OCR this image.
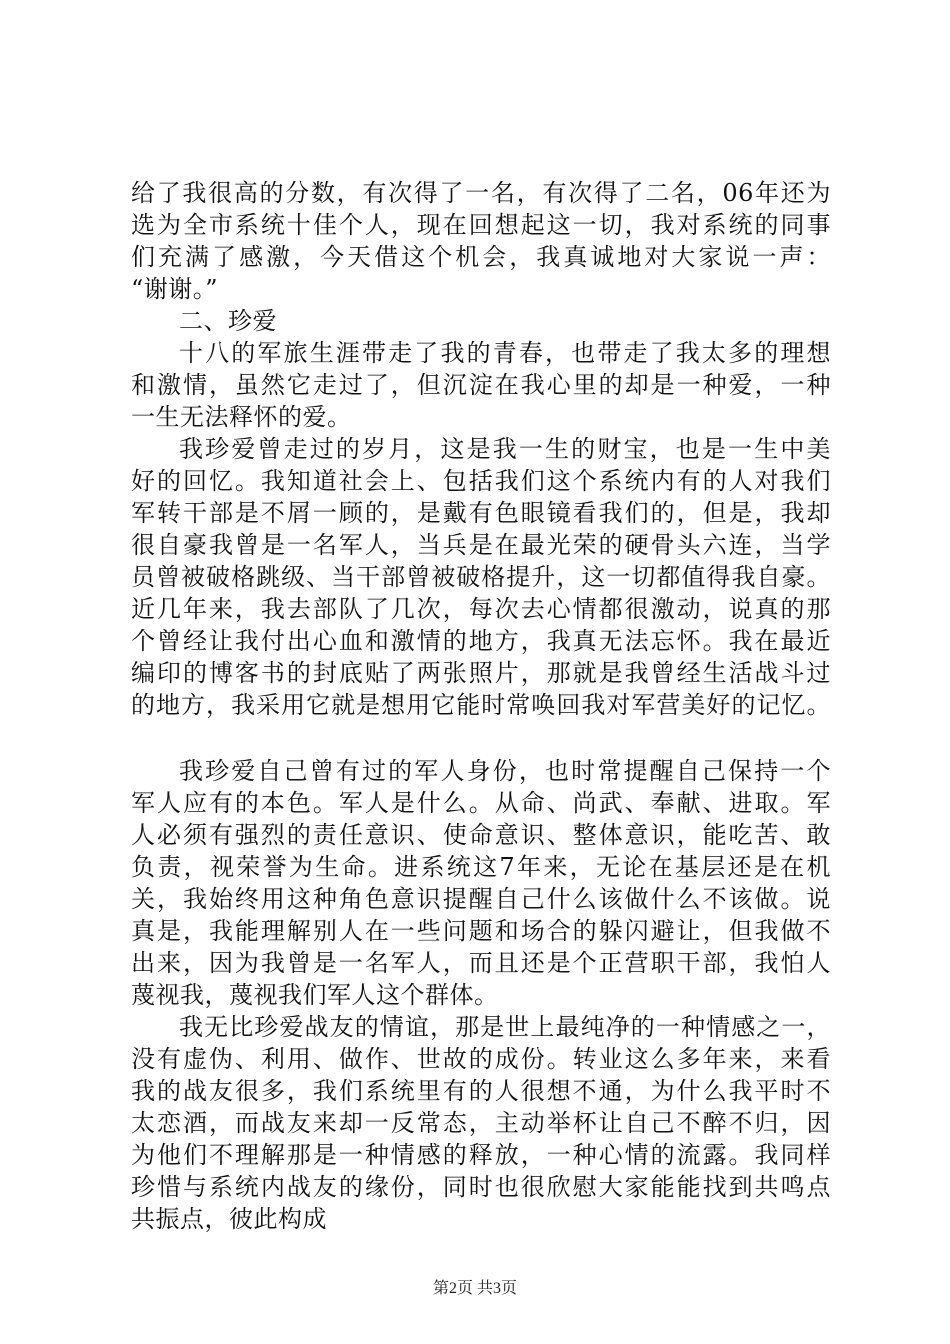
给了我很高的分数，有次得了一名，有次得了二名，06年还为
选为全市系统十佳个人，现在回想起这一切，我对系统的同事
们充满了感激，今天借这个机会，我真诚地对大家说一声：
“谢谢。”
二、珍爱
十八的军旅生涯带走了我的青春，也带走了我太多的理想
和激情，虽然它走过了，但沉淀在我心里的却是一种爱，一种
一生无法释怀的爱。
我珍爱曾走过的岁月，这是我一生的财宝，也是一生中美
好的回忆。我知道社会上、包括我们这个系统内有的人对我们
军转干部是不屑一顾的，是戴有色眼镜看我们的，但是，我却
很自豪我曾是一名军人，当兵是在最光荣的硬骨头六连，当学
员曾被破格跳级、当干部曾被破格提升，这一切都值得我自豪。
近几年来，我去部队了几次，每次去心情都很激动，说真的那
个曾经让我付出心血和激情的地方，我真无法忘怀。我在最近
编印的博客书的封底贴了两张照片，那就是我曾经生活战斗过
的地方，我采用它就是想用它能时常唤回我对军营美好的记忆。
我珍爱自己曾有过的军人身份，也时常提醒自己保持一个
军人应有的本色。军人是什么。从命、尚武、奉献、进取。军
人必须有强烈的责任意识、使命意识、整体意识，能吃苦、敢
负责，视荣誉为生命。进系统这7年来，无论在基层还是在机
关，我始终用这种角色意识提醒自己什么该做什么不该做。说
真是，我能理解别人在一些问题和场合的躲闪避让，但我做不
出来，因为我曾是一名军人，而且还是个正营职干部，我怕人
蔑视我，蔑视我们军人这个群体。
我无比珍爱战友的情谊，那是世上最纯净的一种情感之一，
没有虚伪、利用、做作、世故的成份。转业这么多年来，来看
我的战友很多，我们系统里有的人很想不通，为什么我平时不
太恋酒，而战友来却一反常态，主动举杯让自己不醉不归，因
为他们不理解那是一种情感的释放，一种心情的流露。我同样
珍惜与系统内战友的缘份，同时也很欣慰大家能能找到共鸣点
共振点，彼此构成
第2页 共3页
